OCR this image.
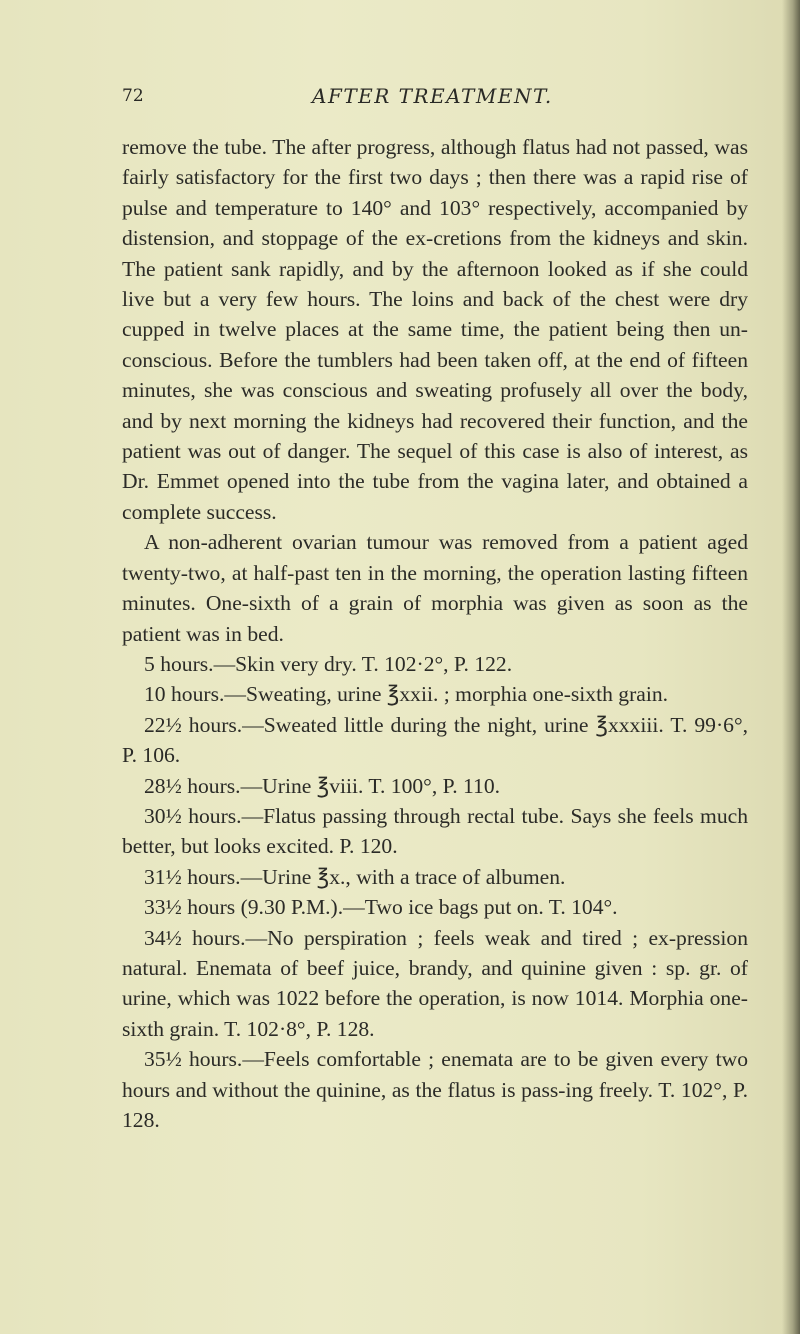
72	AFTER TREATMENT.

remove the tube. The after progress, although flatus had not passed, was fairly satisfactory for the first two days ; then there was a rapid rise of pulse and temperature to 140° and 103° respectively, accompanied by distension, and stoppage of the ex-cretions from the kidneys and skin. The patient sank rapidly, and by the afternoon looked as if she could live but a very few hours. The loins and back of the chest were dry cupped in twelve places at the same time, the patient being then un-conscious. Before the tumblers had been taken off, at the end of fifteen minutes, she was conscious and sweating profusely all over the body, and by next morning the kidneys had recovered their function, and the patient was out of danger. The sequel of this case is also of interest, as Dr. Emmet opened into the tube from the vagina later, and obtained a complete success.

A non-adherent ovarian tumour was removed from a patient aged twenty-two, at half-past ten in the morning, the operation lasting fifteen minutes. One-sixth of a grain of morphia was given as soon as the patient was in bed.

5 hours.—Skin very dry. T. 102·2°, P. 122.

10 hours.—Sweating, urine ℥xxii. ; morphia one-sixth grain.

22½ hours.—Sweated little during the night, urine ℥xxxiii. T. 99·6°, P. 106.

28½ hours.—Urine ℥viii. T. 100°, P. 110.

30½ hours.—Flatus passing through rectal tube. Says she feels much better, but looks excited. P. 120.

31½ hours.—Urine ℥x., with a trace of albumen.

33½ hours (9.30 P.M.).—Two ice bags put on. T. 104°.

34½ hours.—No perspiration ; feels weak and tired ; ex-pression natural. Enemata of beef juice, brandy, and quinine given : sp. gr. of urine, which was 1022 before the operation, is now 1014. Morphia one-sixth grain. T. 102·8°, P. 128.

35½ hours.—Feels comfortable ; enemata are to be given every two hours and without the quinine, as the flatus is pass-ing freely. T. 102°, P. 128.
